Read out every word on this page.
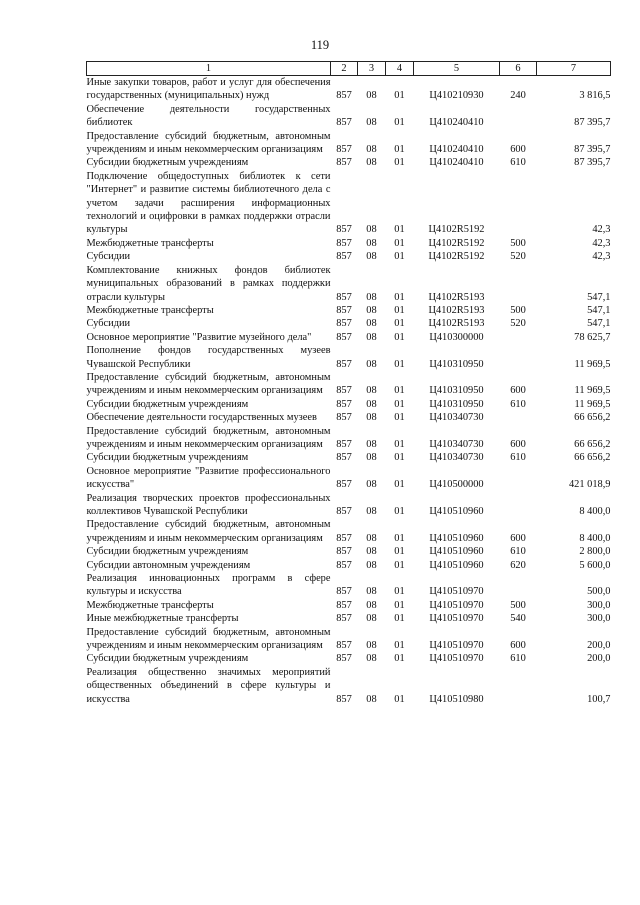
119
1	2	3	4	5	6	7
Иные закупки товаров, работ и услуг для обеспечения государственных (муниципальных) нужд	857	08	01	Ц410210930	240	3 816,5
Обеспечение деятельности государственных библиотек	857	08	01	Ц410240410		87 395,7
Предоставление субсидий бюджетным, автономным учреждениям и иным некоммерческим организациям	857	08	01	Ц410240410	600	87 395,7
Субсидии бюджетным учреждениям	857	08	01	Ц410240410	610	87 395,7
Подключение общедоступных библиотек к сети "Интернет" и развитие системы библиотечного дела с учетом задачи расширения информационных технологий и оцифровки в рамках поддержки отрасли культуры	857	08	01	Ц4102R5192		42,3
Межбюджетные трансферты	857	08	01	Ц4102R5192	500	42,3
Субсидии	857	08	01	Ц4102R5192	520	42,3
Комплектование книжных фондов библиотек муниципальных образований в рамках поддержки отрасли культуры	857	08	01	Ц4102R5193		547,1
Межбюджетные трансферты	857	08	01	Ц4102R5193	500	547,1
Субсидии	857	08	01	Ц4102R5193	520	547,1
Основное мероприятие "Развитие музейного дела"	857	08	01	Ц410300000		78 625,7
Пополнение фондов государственных музеев Чувашской Республики	857	08	01	Ц410310950		11 969,5
Предоставление субсидий бюджетным, автономным учреждениям и иным некоммерческим организациям	857	08	01	Ц410310950	600	11 969,5
Субсидии бюджетным учреждениям	857	08	01	Ц410310950	610	11 969,5
Обеспечение деятельности государственных музеев	857	08	01	Ц410340730		66 656,2
Предоставление субсидий бюджетным, автономным учреждениям и иным некоммерческим организациям	857	08	01	Ц410340730	600	66 656,2
Субсидии бюджетным учреждениям	857	08	01	Ц410340730	610	66 656,2
Основное мероприятие "Развитие профессионального искусства"	857	08	01	Ц410500000		421 018,9
Реализация творческих проектов профессиональных коллективов Чувашской Республики	857	08	01	Ц410510960		8 400,0
Предоставление субсидий бюджетным, автономным учреждениям и иным некоммерческим организациям	857	08	01	Ц410510960	600	8 400,0
Субсидии бюджетным учреждениям	857	08	01	Ц410510960	610	2 800,0
Субсидии автономным учреждениям	857	08	01	Ц410510960	620	5 600,0
Реализация инновационных программ в сфере культуры и искусства	857	08	01	Ц410510970		500,0
Межбюджетные трансферты	857	08	01	Ц410510970	500	300,0
Иные межбюджетные трансферты	857	08	01	Ц410510970	540	300,0
Предоставление субсидий бюджетным, автономным учреждениям и иным некоммерческим организациям	857	08	01	Ц410510970	600	200,0
Субсидии бюджетным учреждениям	857	08	01	Ц410510970	610	200,0
Реализация общественно значимых мероприятий общественных объединений в сфере культуры и искусства	857	08	01	Ц410510980		100,7
